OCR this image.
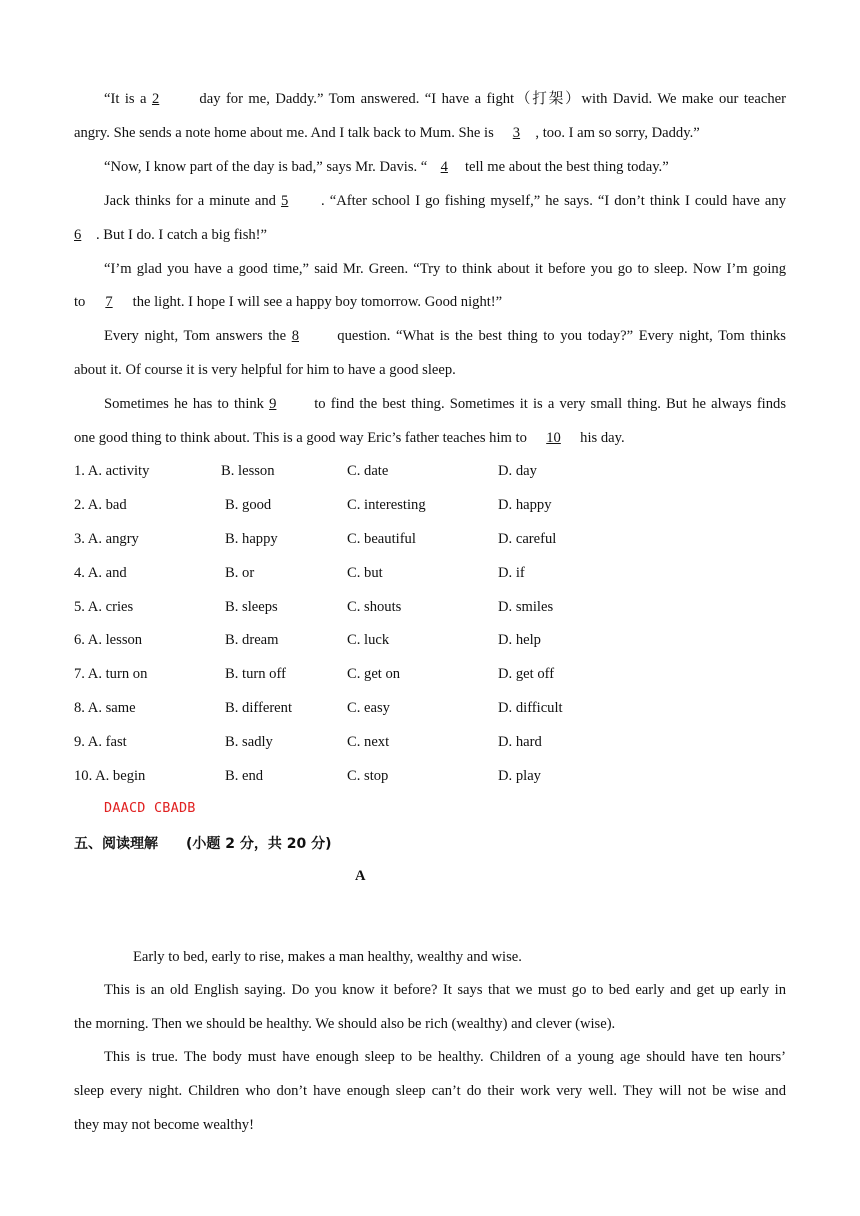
“It is a 2 day for me, Daddy.” Tom answered. “I have a fight（打架）with David. We make our teacher
angry. She sends a note home about me. And I talk back to Mum. She is 3 , too. I am so sorry, Daddy.”
“Now, I know part of the day is bad,” says Mr. Davis. “ 4 tell me about the best thing today.”
Jack thinks for a minute and 5 . “After school I go fishing myself,” he says. “I don’t think I could have any
6 . But I do. I catch a big fish!”
“I’m glad you have a good time,” said Mr. Green. “Try to think about it before you go to sleep. Now I’m going
to 7 the light. I hope I will see a happy boy tomorrow. Good night!”
Every night, Tom answers the 8 question. “What is the best thing to you today?” Every night, Tom thinks
about it. Of course it is very helpful for him to have a good sleep.
Sometimes he has to think 9 to find the best thing. Sometimes it is a very small thing. But he always finds
one good thing to think about. This is a good way Eric’s father teaches him to 10 his day.
1. A. activity	B. lesson	C. date	D. day
2. A. bad	B. good	C. interesting	D. happy
3. A. angry	B. happy	C. beautiful	D. careful
4. A. and	B. or	C. but	D. if
5. A. cries	B. sleeps	C. shouts	D. smiles
6. A. lesson	B. dream	C. luck	D. help
7. A. turn on	B. turn off	C. get on	D. get off
8. A. same	B. different	C. easy	D. difficult
9. A. fast	B. sadly	C. next	D. hard
10. A. begin	B. end	C. stop	D. play
DAACD CBADB
五、阅读理解　　(小题 2 分，共 20 分)
A
Early to bed, early to rise, makes a man healthy, wealthy and wise.
This is an old English saying. Do you know it before? It says that we must go to bed early and get up early in
the morning. Then we should be healthy. We should also be rich (wealthy) and clever (wise).
This is true. The body must have enough sleep to be healthy. Children of a young age should have ten hours’
sleep every night. Children who don’t have enough sleep can’t do their work very well. They will not be wise and
they may not become wealthy!
